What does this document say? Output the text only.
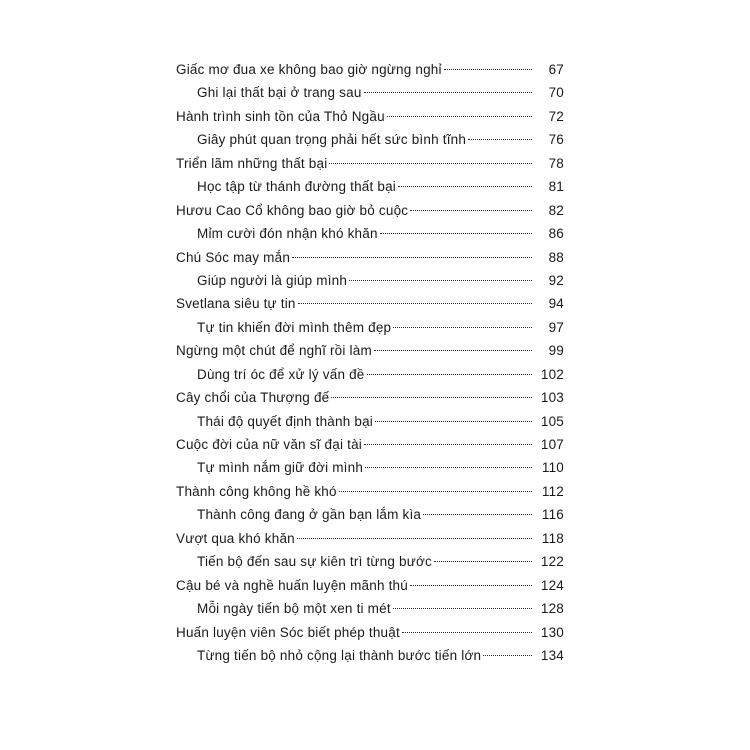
Giấc mơ đua xe không bao giờ ngừng nghỉ	67
Ghi lại thất bại ở trang sau	70
Hành trình sinh tồn của Thỏ Ngầu	72
Giây phút quan trọng phải hết sức bình tĩnh	76
Triển lãm những thất bại	78
Học tập từ thánh đường thất bại	81
Hươu Cao Cổ không bao giờ bỏ cuộc	82
Mỉm cười đón nhận khó khăn	86
Chú Sóc may mắn	88
Giúp người là giúp mình	92
Svetlana siêu tự tin	94
Tự tin khiến đời mình thêm đẹp	97
Ngừng một chút để nghĩ rồi làm	99
Dùng trí óc để xử lý vấn đề	102
Cây chổi của Thượng đế	103
Thái độ quyết định thành bại	105
Cuộc đời của nữ văn sĩ đại tài	107
Tự mình nắm giữ đời mình	110
Thành công không hề khó	112
Thành công đang ở gần bạn lắm kìa	116
Vượt qua khó khăn	118
Tiến bộ đến sau sự kiên trì từng bước	122
Cậu bé và nghề huấn luyện mãnh thú	124
Mỗi ngày tiến bộ một xen ti mét	128
Huấn luyện viên Sóc biết phép thuật	130
Từng tiến bộ nhỏ cộng lại thành bước tiến lớn	134
